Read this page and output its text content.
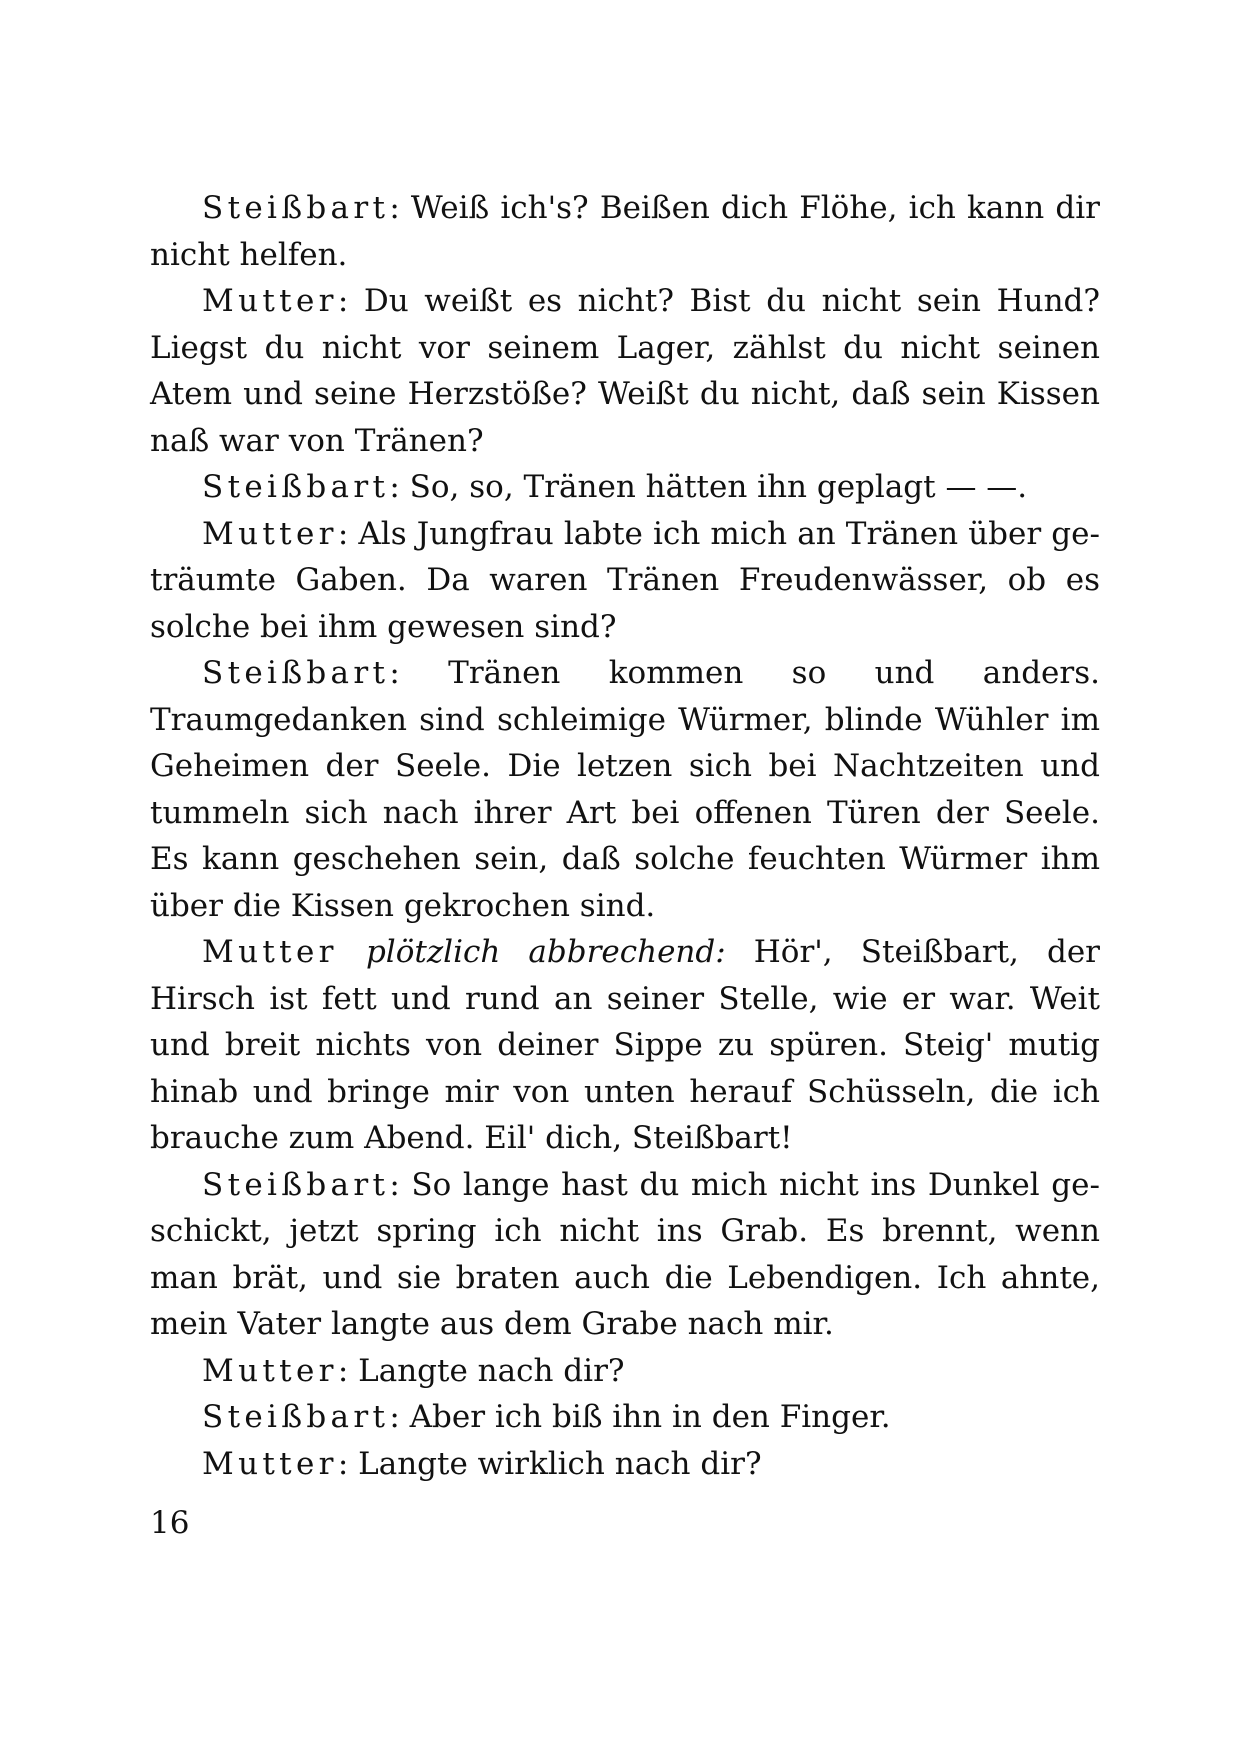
Steißbart: Weiß ich's? Beißen dich Flöhe, ich kann dir nicht helfen.

Mutter: Du weißt es nicht? Bist du nicht sein Hund? Liegst du nicht vor seinem Lager, zählst du nicht seinen Atem und seine Herzstöße? Weißt du nicht, daß sein Kissen naß war von Tränen?

Steißbart: So, so, Tränen hätten ihn geplagt — —.

Mutter: Als Jungfrau labte ich mich an Tränen über geträumte Gaben. Da waren Tränen Freudenwässer, ob es solche bei ihm gewesen sind?

Steißbart: Tränen kommen so und anders. Traumgedanken sind schleimige Würmer, blinde Wühler im Geheimen der Seele. Die letzen sich bei Nachtzeiten und tummeln sich nach ihrer Art bei offenen Türen der Seele. Es kann geschehen sein, daß solche feuchten Würmer ihm über die Kissen gekrochen sind.

Mutter plötzlich abbrechend: Hör', Steißbart, der Hirsch ist fett und rund an seiner Stelle, wie er war. Weit und breit nichts von deiner Sippe zu spüren. Steig' mutig hinab und bringe mir von unten herauf Schüsseln, die ich brauche zum Abend. Eil' dich, Steißbart!

Steißbart: So lange hast du mich nicht ins Dunkel geschickt, jetzt spring ich nicht ins Grab. Es brennt, wenn man brät, und sie braten auch die Lebendigen. Ich ahnte, mein Vater langte aus dem Grabe nach mir.

Mutter: Langte nach dir?

Steißbart: Aber ich biß ihn in den Finger.

Mutter: Langte wirklich nach dir?

16
